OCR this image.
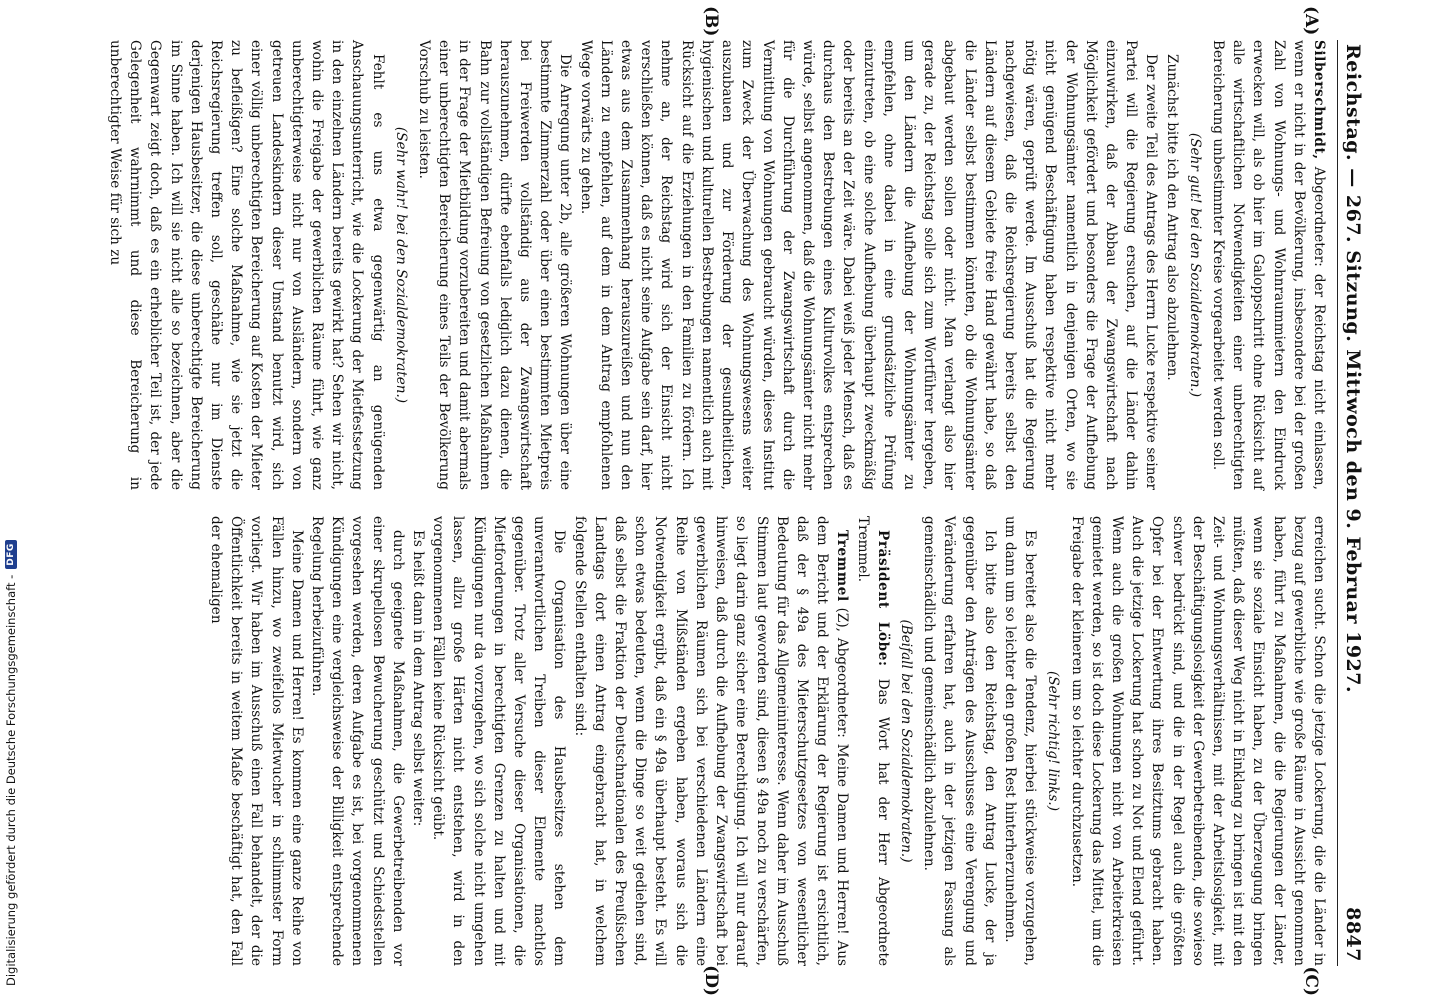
Digitalisierung gefördert durch die Deutsche Forschungsgemeinschaft -
DFG	Reichstag. — 267. Sitzung. Mittwoch den 9. Februar 1927.
8847
(A)
(B)
(C)
(D)

Silberschmidt, Abgeordneter: der Reichstag nicht einlassen, wenn er nicht in der Bevölkerung, insbesondere bei der großen Zahl von Wohnungs- und Wohnraummietern den Eindruck erwecken will, als ob hier im Galoppschritt ohne Rücksicht auf alle wirtschaftlichen Notwendigkeiten einer unberechtigten Bereicherung unbestimmter Kreise vorgearbeitet werden soll.

(Sehr gut! bei den Sozialdemokraten.)

Zunächst bitte ich den Antrag also abzulehnen.

Der zweite Teil des Antrags des Herrn Lucke respektive seiner Partei will die Regierung ersuchen, auf die Länder dahin einzuwirken, daß der Abbau der Zwangswirtschaft nach Möglichkeit gefördert und besonders die Frage der Aufhebung der Wohnungsämter namentlich in denjenigen Orten, wo sie nicht genügend Beschäftigung haben respektive nicht mehr nötig wären, geprüft werde. Im Ausschuß hat die Regierung nachgewiesen, daß die Reichsregierung bereits selbst den Ländern auf diesem Gebiete freie Hand gewährt habe, so daß die Länder selbst bestimmen könnten, ob die Wohnungsämter abgebaut werden sollen oder nicht. Man verlangt also hier gerade zu, der Reichstag solle sich zum Wortführer hergeben, um den Ländern die Aufhebung der Wohnungsämter zu empfehlen, ohne dabei in eine grundsätzliche Prüfung einzutreten, ob eine solche Aufhebung überhaupt zweckmäßig oder bereits an der Zeit wäre. Dabei weiß jeder Mensch, daß es durchaus den Bestrebungen eines Kulturvolkes entsprechen würde, selbst angenommen, daß die Wohnungsämter nicht mehr für die Durchführung der Zwangswirtschaft durch die Vermittlung von Wohnungen gebraucht würden, dieses Institut zum Zweck der Überwachung des Wohnungswesens weiter auszubauen und zur Förderung der gesundheitlichen, hygienischen und kulturellen Bestrebungen namentlich auch mit Rücksicht auf die Erziehungen in den Familien zu fördern. Ich nehme an, der Reichstag wird sich der Einsicht nicht verschließen können, daß es nicht seine Aufgabe sein darf, hier etwas aus dem Zusammenhang herauszureißen und nun den Ländern zu empfehlen, auf dem in dem Antrag empfohlenen Wege vorwärts zu gehen.

Die Anregung unter 2b, alle größeren Wohnungen über eine bestimmte Zimmerzahl oder über einen bestimmten Mietpreis bei Freiwerden vollständig aus der Zwangswirtschaft herauszunehmen, dürfte ebenfalls lediglich dazu dienen, die Bahn zur vollständigen Befreiung von gesetzlichen Maßnahmen in der Frage der Mietbildung vorzubereiten und damit abermals einer unberechtigten Bereicherung eines Teils der Bevölkerung Vorschub zu leisten.

(Sehr wahr! bei den Sozialdemokraten.)

Fehlt es uns etwa gegenwärtig an genügenden Anschauungsunterricht, wie die Lockerung der Mietfestsetzung in den einzelnen Ländern bereits gewirkt hat? Sehen wir nicht, wohin die Freigabe der gewerblichen Räume führt, wie ganz unberechtigterweise nicht nur von Ausländern, sondern von getreuen Landeskindern dieser Umstand benutzt wird, sich einer völlig unberechtigten Bereicherung auf Kosten der Mieter zu befleißigen? Eine solche Maßnahme, wie sie jetzt die Reichsregierung treffen soll, geschähe nur im Dienste derjenigen Hausbesitzer, die diese unberechtigte Bereicherung im Sinne haben. Ich will sie nicht alle so bezeichnen, aber die Gegenwart zeigt doch, daß es ein erheblicher Teil ist, der jede Gelegenheit wahrnimmt und diese Bereicherung in unberechtigter Weise für sich zu

erreichen sucht. Schon die jetzige Lockerung, die die Länder in bezug auf gewerbliche wie große Räume in Aussicht genommen haben, führt zu Maßnahmen, die die Regierungen der Länder, wenn sie soziale Einsicht haben, zu der Überzeugung bringen müßten, daß dieser Weg nicht in Einklang zu bringen ist mit den Zeit- und Wohnungsverhältnissen, mit der Arbeitslosigkeit, mit der Beschäftigungslosigkeit der Gewerbetreibenden, die sowieso schwer bedrückt sind, und die in der Regel auch die größten Opfer bei der Entwertung ihres Besitztums gebracht haben. Auch die jetzige Lockerung hat schon zu Not und Elend geführt. Wenn auch die großen Wohnungen nicht von Arbeiterkreisen gemietet werden, so ist doch diese Lockerung das Mittel, um die Freigabe der kleineren um so leichter durchzusetzen.

(Sehr richtig! links.)

Es bereitet also die Tendenz, hierbei stückweise vorzugehen, um dann um so leichter den großen Rest hinterherzunehmen.

Ich bitte also den Reichstag, den Antrag Lucke, der ja gegenüber den Anträgen des Ausschusses eine Verengung und Veränderung erfahren hat, auch in der jetzigen Fassung als gemeinschädlich und gemeinschädlich abzulehnen.

(Beifall bei den Sozialdemokraten.)

Präsident Löbe: Das Wort hat der Herr Abgeordnete Tremmel.

Tremmel (Z), Abgeordneter: Meine Damen und Herren! Aus dem Bericht und der Erklärung der Regierung ist ersichtlich, daß der § 49a des Mieterschutzgesetzes von wesentlicher Bedeutung für das Allgemeininteresse. Wenn daher im Ausschuß Stimmen laut geworden sind, diesen § 49a noch zu verschärfen, so liegt darin ganz sicher eine Berechtigung. Ich will nur darauf hinweisen, daß durch die Aufhebung der Zwangswirtschaft bei gewerblichen Räumen sich bei verschiedenen Ländern eine Reihe von Mißständen ergeben haben, woraus sich die Notwendigkeit ergibt, daß ein § 49a überhaupt besteht. Es will schon etwas bedeuten, wenn die Dinge so weit gediehen sind, daß selbst die Fraktion der Deutschnationalen des Preußischen Landtags dort einen Antrag eingebracht hat, in welchem folgende Stellen enthalten sind:

Die Organisation des Hausbesitzes stehen dem unverantwortlichen Treiben dieser Elemente machtlos gegenüber. Trotz aller Versuche dieser Organisationen, die Mietforderungen in berechtigten Grenzen zu halten und mit Kündigungen nur da vorzugehen, wo sich solche nicht umgehen lassen, allzu große Härten nicht entstehen, wird in den vorgenommenen Fällen keine Rücksicht geübt.

Es heißt dann in dem Antrag selbst weiter:

durch geeignete Maßnahmen, die Gewerbetreibenden vor einer skrupellosen Bewucherung geschützt und Schiedsstellen vorgesehen werden, deren Aufgabe es ist, bei vorgenommenen Kündigungen eine vergleichsweise der Billigkeit entsprechende Regelung herbeizuführen.

Meine Damen und Herren! Es kommen eine ganze Reihe von Fällen hinzu, wo zweifellos Mietwucher in schlimmster Form vorliegt. Wir haben im Ausschuß einen Fall behandelt, der die Öffentlichkeit bereits in weitem Maße beschäftigt hat, den Fall der ehemaligen
